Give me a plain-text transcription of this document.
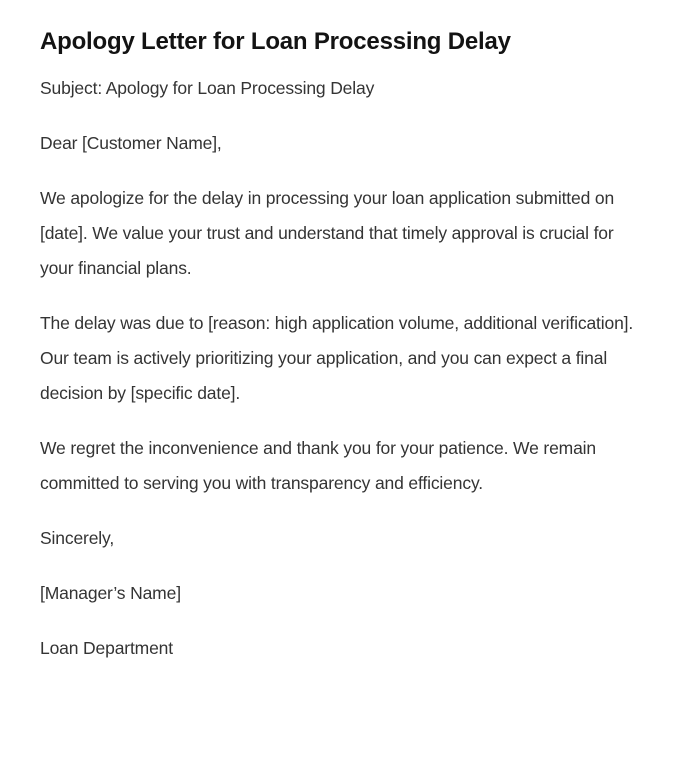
Apology Letter for Loan Processing Delay

Subject: Apology for Loan Processing Delay

Dear [Customer Name],

We apologize for the delay in processing your loan application submitted on [date]. We value your trust and understand that timely approval is crucial for your financial plans.

The delay was due to [reason: high application volume, additional verification]. Our team is actively prioritizing your application, and you can expect a final decision by [specific date].

We regret the inconvenience and thank you for your patience. We remain committed to serving you with transparency and efficiency.

Sincerely,

[Manager’s Name]

Loan Department
